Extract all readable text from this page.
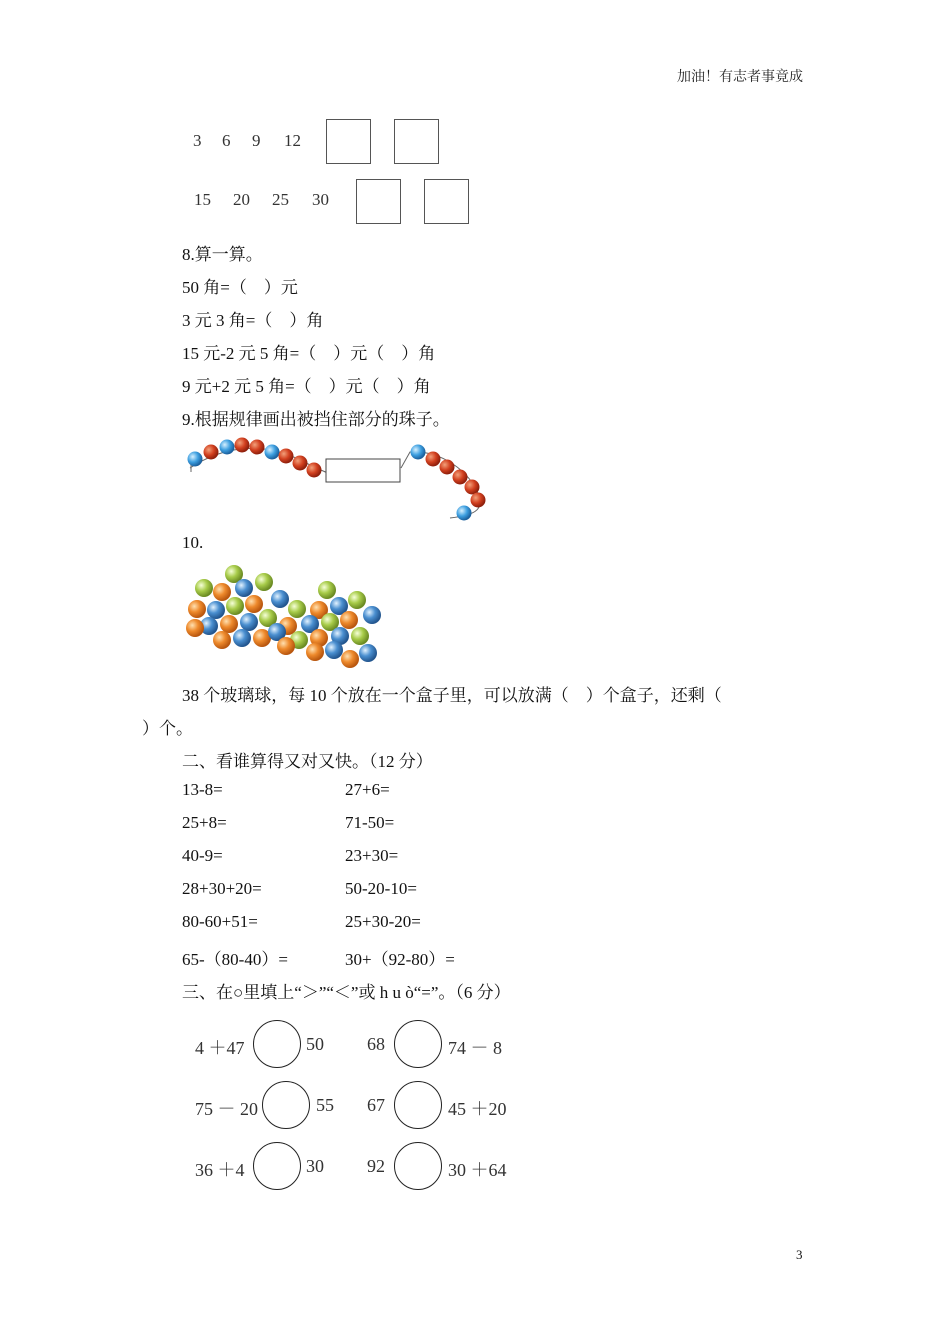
加油！有志者事竟成
3 6 9 12
15 20 25 30
8.算一算。
50 角=（　）元
3 元 3 角=（　）角
15 元-2 元 5 角=（　）元（　）角
9 元+2 元 5 角=（　）元（　）角
9.根据规律画出被挡住部分的珠子。
10.
38 个玻璃球，每 10 个放在一个盒子里，可以放满（　）个盒子，还剩（
）个。
二、看谁算得又对又快。（12 分）
13-8=	27+6=
25+8=	71-50=
40-9=	23+30=
28+30+20=	50-20-10=
80-60+51=	25+30-20=
65-（80-40）=	30+（92-80）=
三、在○里填上“＞”“＜”或 h u ò“=”。（6 分）
4 ＋47	50 68	74 － 8
75 － 20	55 67	45 ＋20
36 ＋4	30 92	30 ＋64
3
